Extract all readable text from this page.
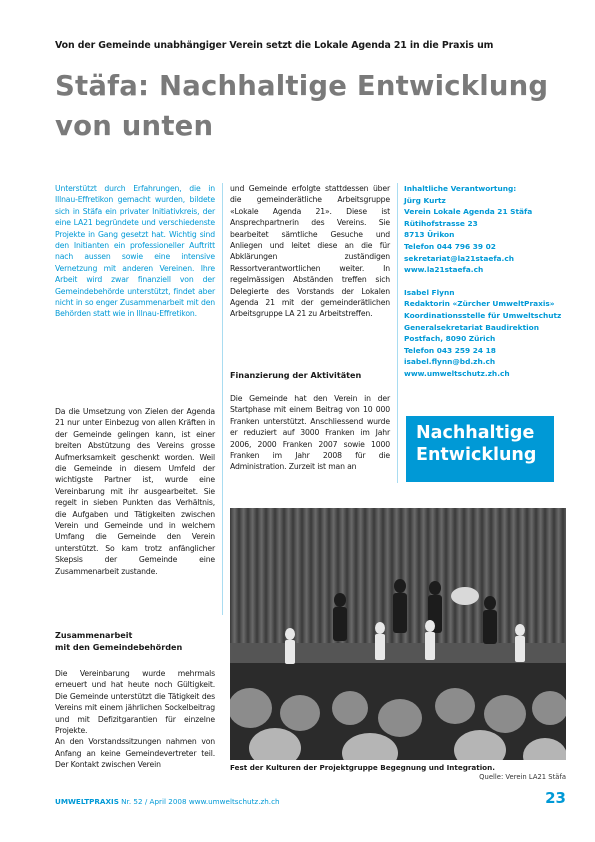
Von der Gemeinde unabhängiger Verein setzt die Lokale Agenda 21 in die Praxis um
Stäfa: Nachhaltige Entwicklung
von unten
Unterstützt durch Erfahrungen, die in Illnau-Effretikon gemacht wurden, bildete sich in Stäfa ein privater Initiativkreis, der eine LA21 begründete und verschiedenste Projekte in Gang gesetzt hat. Wichtig sind den Initianten ein professioneller Auftritt nach aussen sowie eine intensive Vernetzung mit anderen Vereinen. Ihre Arbeit wird zwar finanziell von der Gemeindebehörde unterstützt, findet aber nicht in so enger Zusammenarbeit mit den Behörden statt wie in Illnau-Effretikon.
Da die Umsetzung von Zielen der Agenda 21 nur unter Einbezug von allen Kräften in der Gemeinde gelingen kann, ist einer breiten Abstützung des Vereins grosse Aufmerksamkeit geschenkt worden. Weil die Gemeinde in diesem Umfeld der wichtigste Partner ist, wurde eine Vereinbarung mit ihr ausgearbeitet. Sie regelt in sieben Punkten das Verhältnis, die Aufgaben und Tätigkeiten zwischen Verein und Gemeinde und in welchem Umfang die Gemeinde den Verein unterstützt. So kam trotz anfänglicher Skepsis der Gemeinde eine Zusammenarbeit zustande.
Zusammenarbeit
mit den Gemeindebehörden

Die Vereinbarung wurde mehrmals erneuert und hat heute noch Gültigkeit. Die Gemeinde unterstützt die Tätigkeit des Vereins mit einem jährlichen Sockelbeitrag und mit Defizitgarantien für einzelne Projekte.
An den Vorstandssitzungen nahmen von Anfang an keine Gemeindevertreter teil. Der Kontakt zwischen Verein

und Gemeinde erfolgte stattdessen über die gemeinderätliche Arbeitsgruppe «Lokale Agenda 21». Diese ist Ansprechpartnerin des Vereins. Sie bearbeitet sämtliche Gesuche und Anliegen und leitet diese an die für Abklärungen zuständigen Ressortverantwortlichen weiter. In regelmässigen Abständen treffen sich Delegierte des Vorstands der Lokalen Agenda 21 mit der gemeinderätlichen Arbeitsgruppe LA 21 zu Arbeitstreffen.
Finanzierung der Aktivitäten
Die Gemeinde hat den Verein in der Startphase mit einem Beitrag von 10 000 Franken unterstützt. Anschliessend wurde er reduziert auf 3000 Franken im Jahr 2006, 2000 Franken 2007 sowie 1000 Franken im Jahr 2008 für die Administration. Zurzeit ist man an
Inhaltliche Verantwortung:
Jürg Kurtz
Verein Lokale Agenda 21 Stäfa
Rütihofstrasse 23
8713 Ürikon
Telefon 044 796 39 02
sekretariat@la21staefa.ch
www.la21staefa.ch
Isabel Flynn
Redaktorin «Zürcher UmweltPraxis»
Koordinationsstelle für Umweltschutz
Generalsekretariat Baudirektion
Postfach, 8090 Zürich
Telefon 043 259 24 18
isabel.flynn@bd.zh.ch
www.umweltschutz.zh.ch
Nachhaltige
Entwicklung
Fest der Kulturen der Projektgruppe Begegnung und Integration.
Quelle: Verein LA21 Stäfa
UMWELTPRAXIS Nr. 52 / April 2008 www.umweltschutz.zh.ch	23
